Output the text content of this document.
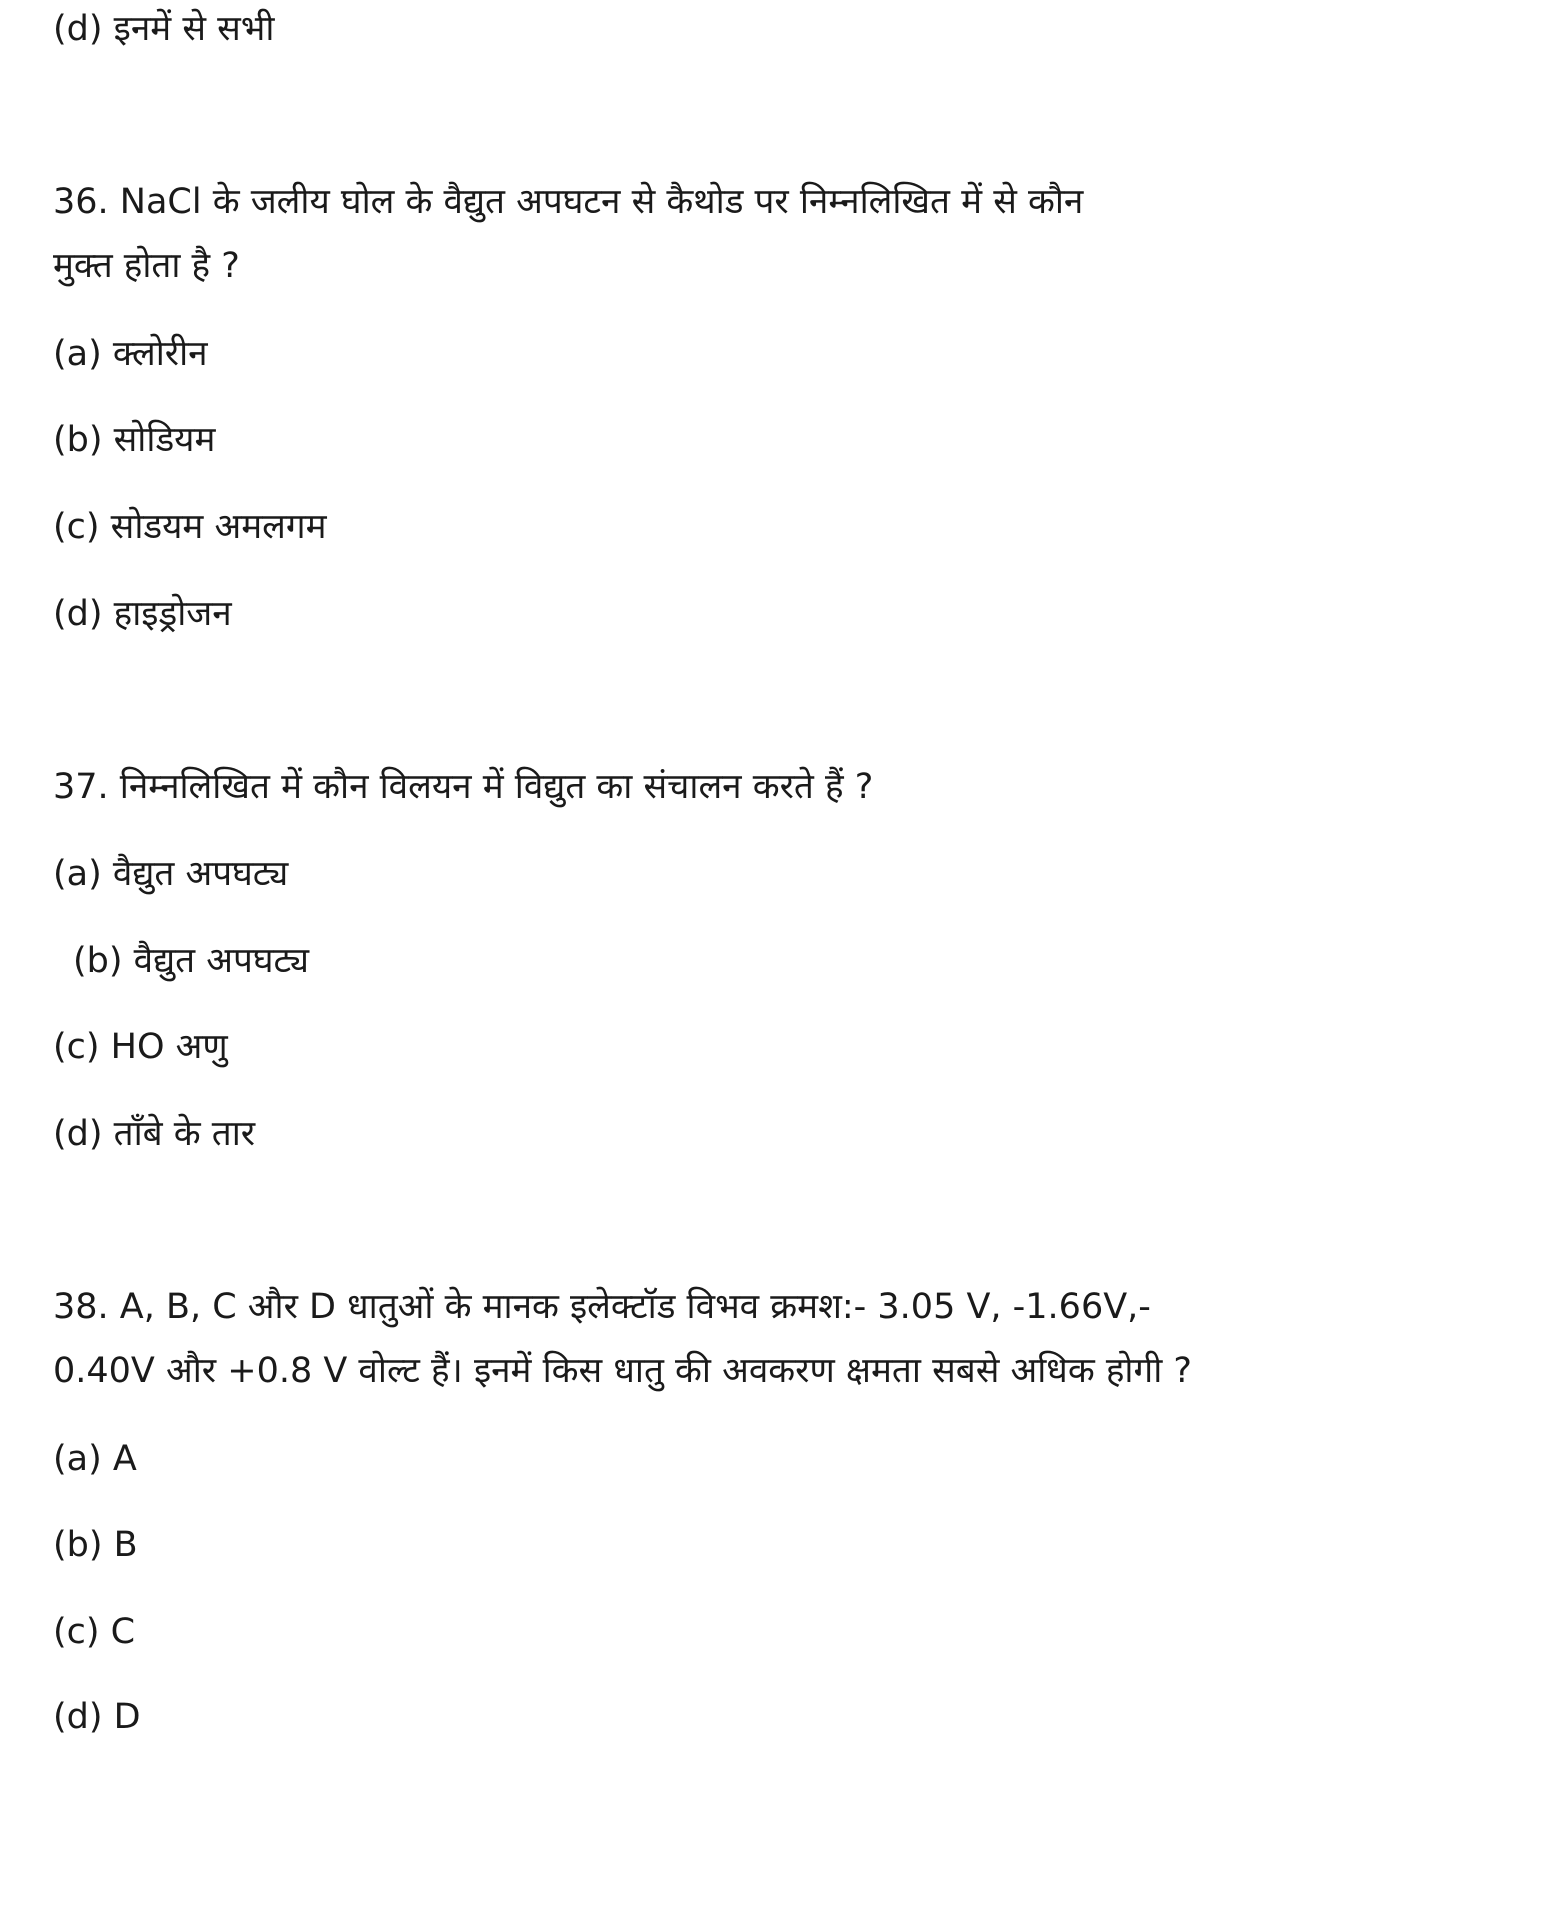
(d) इनमें से सभी
36. NaCl के जलीय घोल के वैद्युत अपघटन से कैथोड पर निम्नलिखित में से कौन
मुक्त होता है ?
(a) क्लोरीन
(b) सोडियम
(c) सोडयम अमलगम
(d) हाइड्रोजन
37. निम्नलिखित में कौन विलयन में विद्युत का संचालन करते हैं ?
(a) वैद्युत अपघट्य
(b) वैद्युत अपघट्य
(c) HO अणु
(d) ताँबे के तार
38. A, B, C और D धातुओं के मानक इलेक्टॉड विभव क्रमश:- 3.05 V, -1.66V,-
0.40V और +0.8 V वोल्ट हैं। इनमें किस धातु की अवकरण क्षमता सबसे अधिक होगी ?
(a) A
(b) B
(c) C
(d) D
